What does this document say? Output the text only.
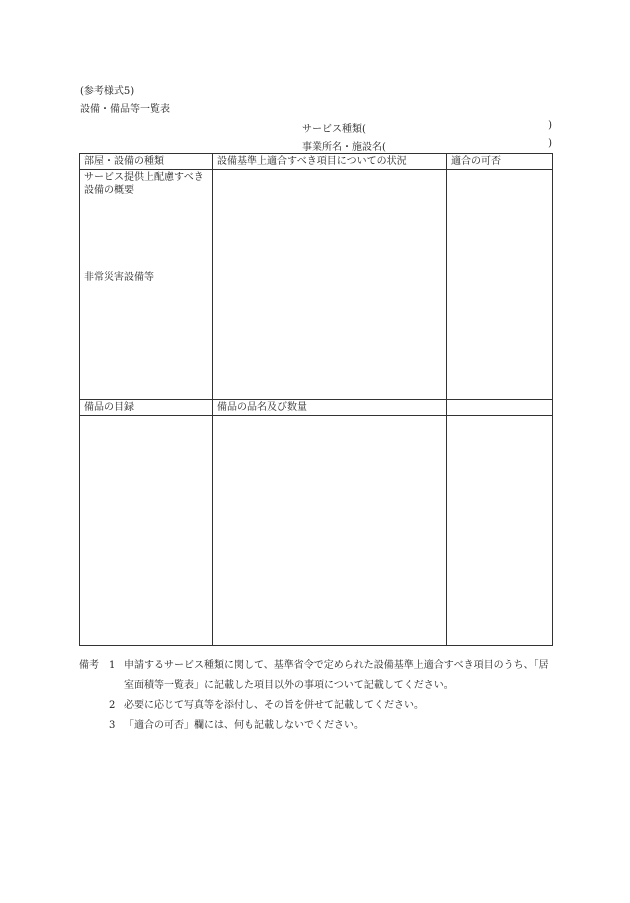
(参考様式5)
設備・備品等一覧表
サービス種類(	)
事業所名・施設名(	)
部屋・設備の種類	設備基準上適合すべき項目についての状況	適合の可否

サービス提供上配慮すべき
設備の概要
非常災害設備等		

備品の目録	備品の品名及び数量	

備考 1 申請するサービス種類に関して、基準省令で定められた設備基準上適合すべき項目のうち、「居
室面積等一覧表」に記載した項目以外の事項について記載してください。
2 必要に応じて写真等を添付し、その旨を併せて記載してください。
3 「適合の可否」欄には、何も記載しないでください。
